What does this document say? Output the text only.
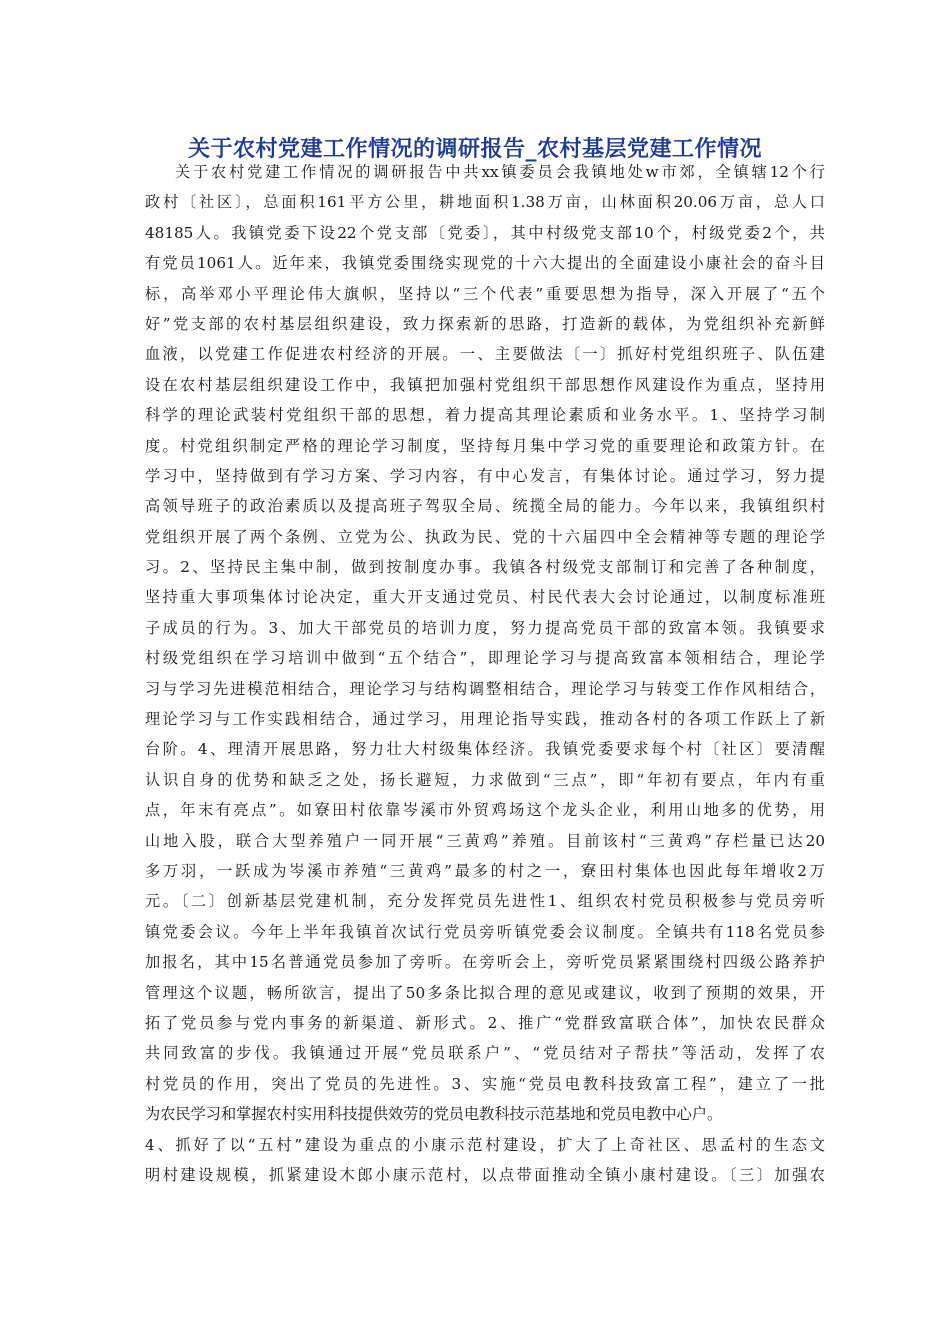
关于农村党建工作情况的调研报告_农村基层党建工作情况
关于农村党建工作情况的调研报告中共xx镇委员会我镇地处w市郊，全镇辖12个行
政村〔社区〕，总面积161平方公里，耕地面积1.38万亩，山林面积20.06万亩，总人口
48185人。我镇党委下设22个党支部〔党委〕，其中村级党支部10个，村级党委2个，共
有党员1061人。近年来，我镇党委围绕实现党的十六大提出的全面建设小康社会的奋斗目
标，高举邓小平理论伟大旗帜，坚持以“三个代表”重要思想为指导，深入开展了“五个
好”党支部的农村基层组织建设，致力探索新的思路，打造新的载体，为党组织补充新鲜
血液，以党建工作促进农村经济的开展。一、主要做法〔一〕抓好村党组织班子、队伍建
设在农村基层组织建设工作中，我镇把加强村党组织干部思想作风建设作为重点，坚持用
科学的理论武装村党组织干部的思想，着力提高其理论素质和业务水平。1、坚持学习制
度。村党组织制定严格的理论学习制度，坚持每月集中学习党的重要理论和政策方针。在
学习中，坚持做到有学习方案、学习内容，有中心发言，有集体讨论。通过学习，努力提
高领导班子的政治素质以及提高班子驾驭全局、统揽全局的能力。今年以来，我镇组织村
党组织开展了两个条例、立党为公、执政为民、党的十六届四中全会精神等专题的理论学
习。2、坚持民主集中制，做到按制度办事。我镇各村级党支部制订和完善了各种制度，
坚持重大事项集体讨论决定，重大开支通过党员、村民代表大会讨论通过，以制度标准班
子成员的行为。3、加大干部党员的培训力度，努力提高党员干部的致富本领。我镇要求
村级党组织在学习培训中做到“五个结合”，即理论学习与提高致富本领相结合，理论学
习与学习先进模范相结合，理论学习与结构调整相结合，理论学习与转变工作作风相结合，
理论学习与工作实践相结合，通过学习，用理论指导实践，推动各村的各项工作跃上了新
台阶。4、理清开展思路，努力壮大村级集体经济。我镇党委要求每个村〔社区〕要清醒
认识自身的优势和缺乏之处，扬长避短，力求做到“三点”，即“年初有要点，年内有重
点，年末有亮点”。如寮田村依靠岑溪市外贸鸡场这个龙头企业，利用山地多的优势，用
山地入股，联合大型养殖户一同开展“三黄鸡”养殖。目前该村“三黄鸡”存栏量已达20
多万羽，一跃成为岑溪市养殖“三黄鸡”最多的村之一，寮田村集体也因此每年增收2万
元。〔二〕创新基层党建机制，充分发挥党员先进性1、组织农村党员积极参与党员旁听
镇党委会议。今年上半年我镇首次试行党员旁听镇党委会议制度。全镇共有118名党员参
加报名，其中15名普通党员参加了旁听。在旁听会上，旁听党员紧紧围绕村四级公路养护
管理这个议题，畅所欲言，提出了50多条比拟合理的意见或建议，收到了预期的效果，开
拓了党员参与党内事务的新渠道、新形式。2、推广“党群致富联合体”，加快农民群众
共同致富的步伐。我镇通过开展“党员联系户”、“党员结对子帮扶”等活动，发挥了农
村党员的作用，突出了党员的先进性。3、实施“党员电教科技致富工程”，建立了一批
为农民学习和掌握农村实用科技提供效劳的党员电教科技示范基地和党员电教中心户。
4、抓好了以“五村”建设为重点的小康示范村建设，扩大了上奇社区、思孟村的生态文
明村建设规模，抓紧建设木郎小康示范村，以点带面推动全镇小康村建设。〔三〕加强农
